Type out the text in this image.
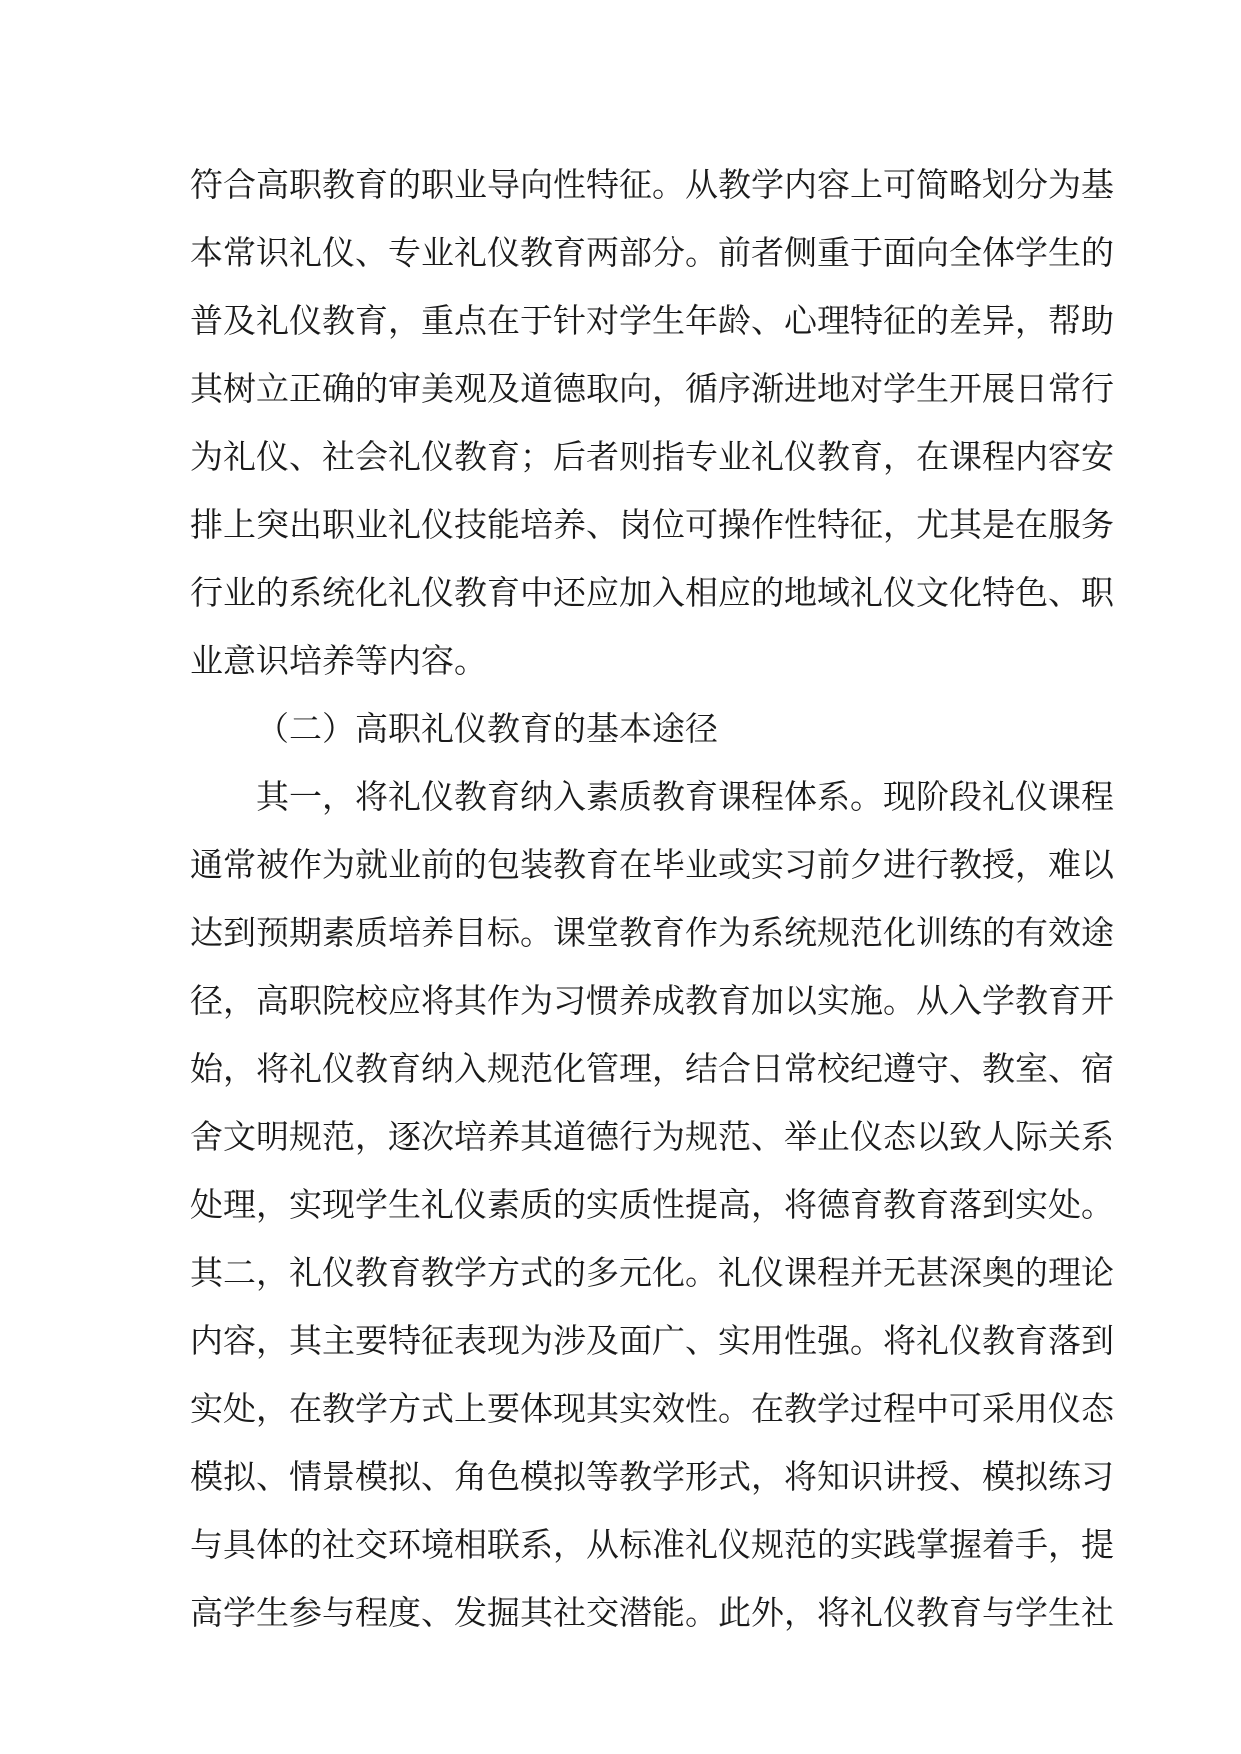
符合高职教育的职业导向性特征。从教学内容上可简略划分为基
本常识礼仪、专业礼仪教育两部分。前者侧重于面向全体学生的
普及礼仪教育，重点在于针对学生年龄、心理特征的差异，帮助
其树立正确的审美观及道德取向，循序渐进地对学生开展日常行
为礼仪、社会礼仪教育；后者则指专业礼仪教育，在课程内容安
排上突出职业礼仪技能培养、岗位可操作性特征，尤其是在服务
行业的系统化礼仪教育中还应加入相应的地域礼仪文化特色、职
业意识培养等内容。
（二）高职礼仪教育的基本途径
其一，将礼仪教育纳入素质教育课程体系。现阶段礼仪课程
通常被作为就业前的包装教育在毕业或实习前夕进行教授，难以
达到预期素质培养目标。课堂教育作为系统规范化训练的有效途
径，高职院校应将其作为习惯养成教育加以实施。从入学教育开
始，将礼仪教育纳入规范化管理，结合日常校纪遵守、教室、宿
舍文明规范，逐次培养其道德行为规范、举止仪态以致人际关系
处理，实现学生礼仪素质的实质性提高，将德育教育落到实处。
其二，礼仪教育教学方式的多元化。礼仪课程并无甚深奥的理论
内容，其主要特征表现为涉及面广、实用性强。将礼仪教育落到
实处，在教学方式上要体现其实效性。在教学过程中可采用仪态
模拟、情景模拟、角色模拟等教学形式，将知识讲授、模拟练习
与具体的社交环境相联系，从标准礼仪规范的实践掌握着手，提
高学生参与程度、发掘其社交潜能。此外，将礼仪教育与学生社
